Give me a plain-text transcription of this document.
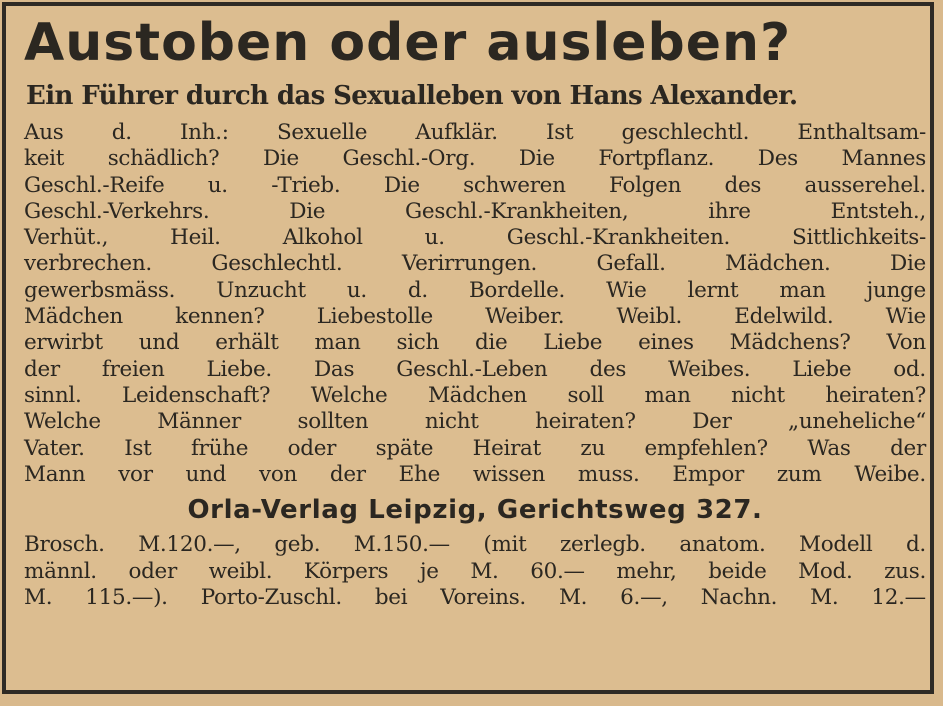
Austoben oder ausleben?
Ein Führer durch das Sexualleben von Hans Alexander.
Aus d. Inh.: Sexuelle Aufklär. Ist geschlechtl. Enthaltsam-
keit schädlich? Die Geschl.-Org. Die Fortpflanz. Des Mannes
Geschl.-Reife u. -Trieb. Die schweren Folgen des ausserehel.
Geschl.-Verkehrs.	Die	Geschl.-Krankheiten,	ihre	Entsteh.,
Verhüt.,	Heil.	Alkohol	u.	Geschl.-Krankheiten.	Sittlichkeits-
verbrechen.	Geschlechtl.	Verirrungen.	Gefall.	Mädchen.	Die
gewerbsmäss. Unzucht u. d. Bordelle. Wie lernt man junge
Mädchen kennen? Liebestolle Weiber. Weibl. Edelwild. Wie
erwirbt und erhält man sich die Liebe eines Mädchens? Von
der freien Liebe. Das Geschl.-Leben des Weibes. Liebe od.
sinnl. Leidenschaft? Welche Mädchen soll man nicht heiraten?
Welche	Männer	sollten	nicht	heiraten?	Der	„uneheliche“
Vater. Ist frühe oder späte Heirat zu empfehlen? Was der
Mann vor und von der Ehe wissen muss. Empor zum Weibe.
Orla-Verlag Leipzig, Gerichtsweg 327.
Brosch. M.120.—, geb. M.150.— (mit zerlegb. anatom. Modell d.
männl. oder weibl. Körpers je M. 60.— mehr, beide Mod. zus.
M. 115.—). Porto-Zuschl. bei Voreins. M. 6.—, Nachn. M. 12.—
